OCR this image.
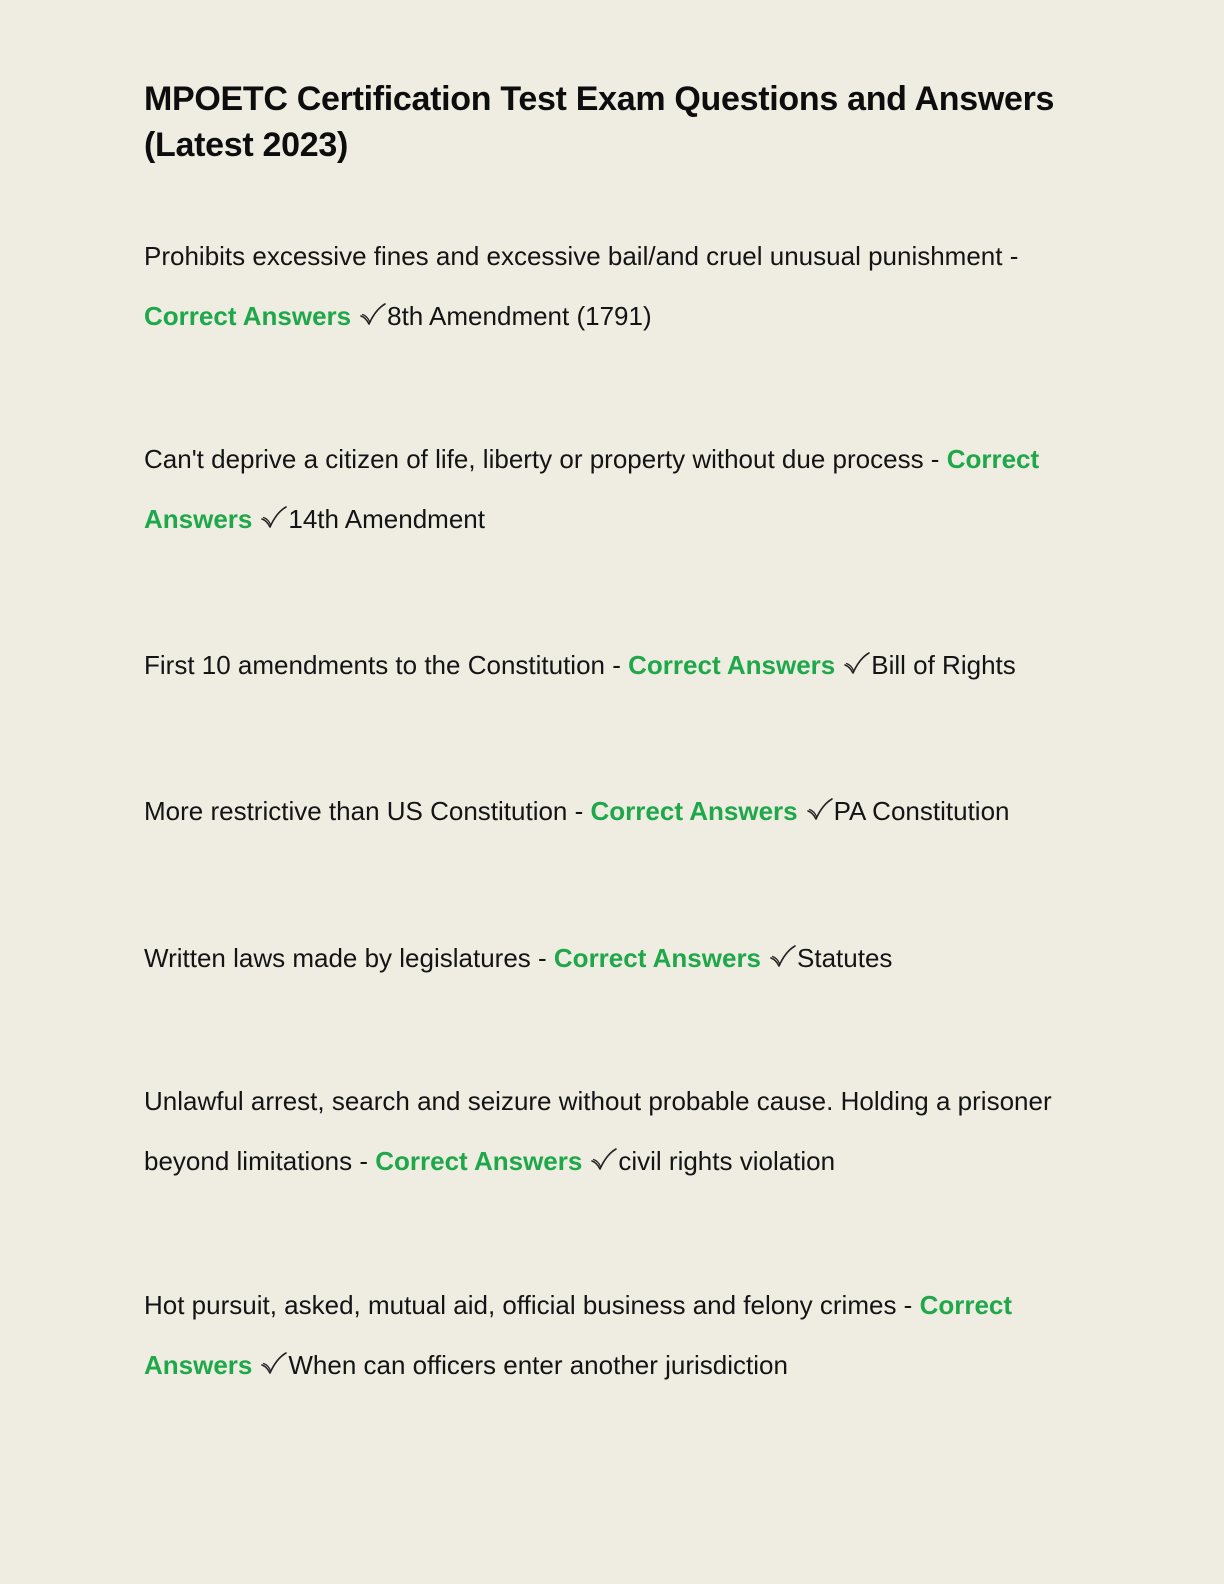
MPOETC Certification Test Exam Questions and Answers (Latest 2023)

Prohibits excessive fines and excessive bail/and cruel unusual punishment - Correct Answers 8th Amendment (1791)

Can't deprive a citizen of life, liberty or property without due process - Correct Answers 14th Amendment

First 10 amendments to the Constitution - Correct Answers Bill of Rights

More restrictive than US Constitution - Correct Answers PA Constitution

Written laws made by legislatures - Correct Answers Statutes

Unlawful arrest, search and seizure without probable cause. Holding a prisoner beyond limitations - Correct Answers civil rights violation

Hot pursuit, asked, mutual aid, official business and felony crimes - Correct Answers When can officers enter another jurisdiction
